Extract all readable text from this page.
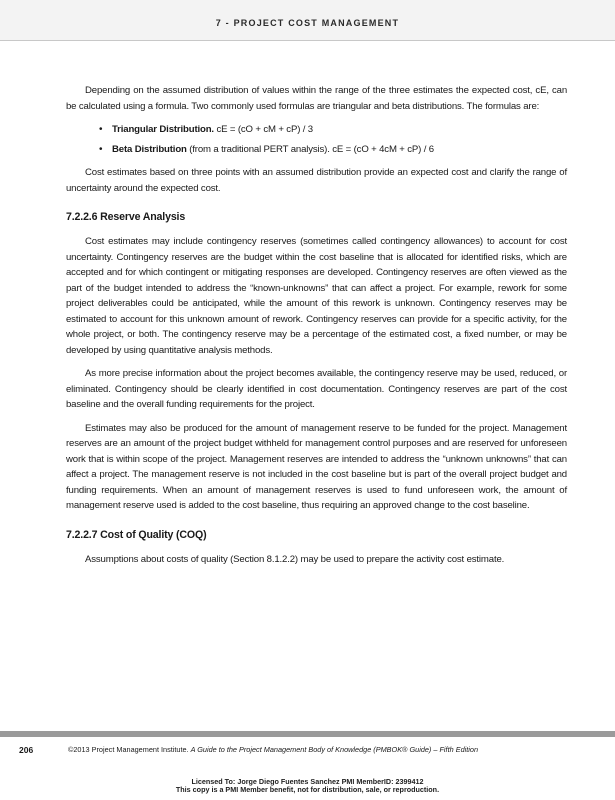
7 - PROJECT COST MANAGEMENT

Depending on the assumed distribution of values within the range of the three estimates the expected cost, cE, can be calculated using a formula. Two commonly used formulas are triangular and beta distributions. The formulas are:

• Triangular Distribution. cE = (cO + cM + cP) / 3
• Beta Distribution (from a traditional PERT analysis). cE = (cO + 4cM + cP) / 6

Cost estimates based on three points with an assumed distribution provide an expected cost and clarify the range of uncertainty around the expected cost.

7.2.2.6 Reserve Analysis

Cost estimates may include contingency reserves (sometimes called contingency allowances) to account for cost uncertainty. Contingency reserves are the budget within the cost baseline that is allocated for identified risks, which are accepted and for which contingent or mitigating responses are developed. Contingency reserves are often viewed as the part of the budget intended to address the “known-unknowns” that can affect a project. For example, rework for some project deliverables could be anticipated, while the amount of this rework is unknown. Contingency reserves may be estimated to account for this unknown amount of rework. Contingency reserves can provide for a specific activity, for the whole project, or both. The contingency reserve may be a percentage of the estimated cost, a fixed number, or may be developed by using quantitative analysis methods.

As more precise information about the project becomes available, the contingency reserve may be used, reduced, or eliminated. Contingency should be clearly identified in cost documentation. Contingency reserves are part of the cost baseline and the overall funding requirements for the project.

Estimates may also be produced for the amount of management reserve to be funded for the project. Management reserves are an amount of the project budget withheld for management control purposes and are reserved for unforeseen work that is within scope of the project. Management reserves are intended to address the “unknown unknowns” that can affect a project. The management reserve is not included in the cost baseline but is part of the overall project budget and funding requirements. When an amount of management reserves is used to fund unforeseen work, the amount of management reserve used is added to the cost baseline, thus requiring an approved change to the cost baseline.

7.2.2.7 Cost of Quality (COQ)

Assumptions about costs of quality (Section 8.1.2.2) may be used to prepare the activity cost estimate.

206	©2013 Project Management Institute. A Guide to the Project Management Body of Knowledge (PMBOK® Guide) – Fifth Edition
Licensed To: Jorge Diego Fuentes Sanchez PMI MemberID: 2399412
This copy is a PMI Member benefit, not for distribution, sale, or reproduction.
